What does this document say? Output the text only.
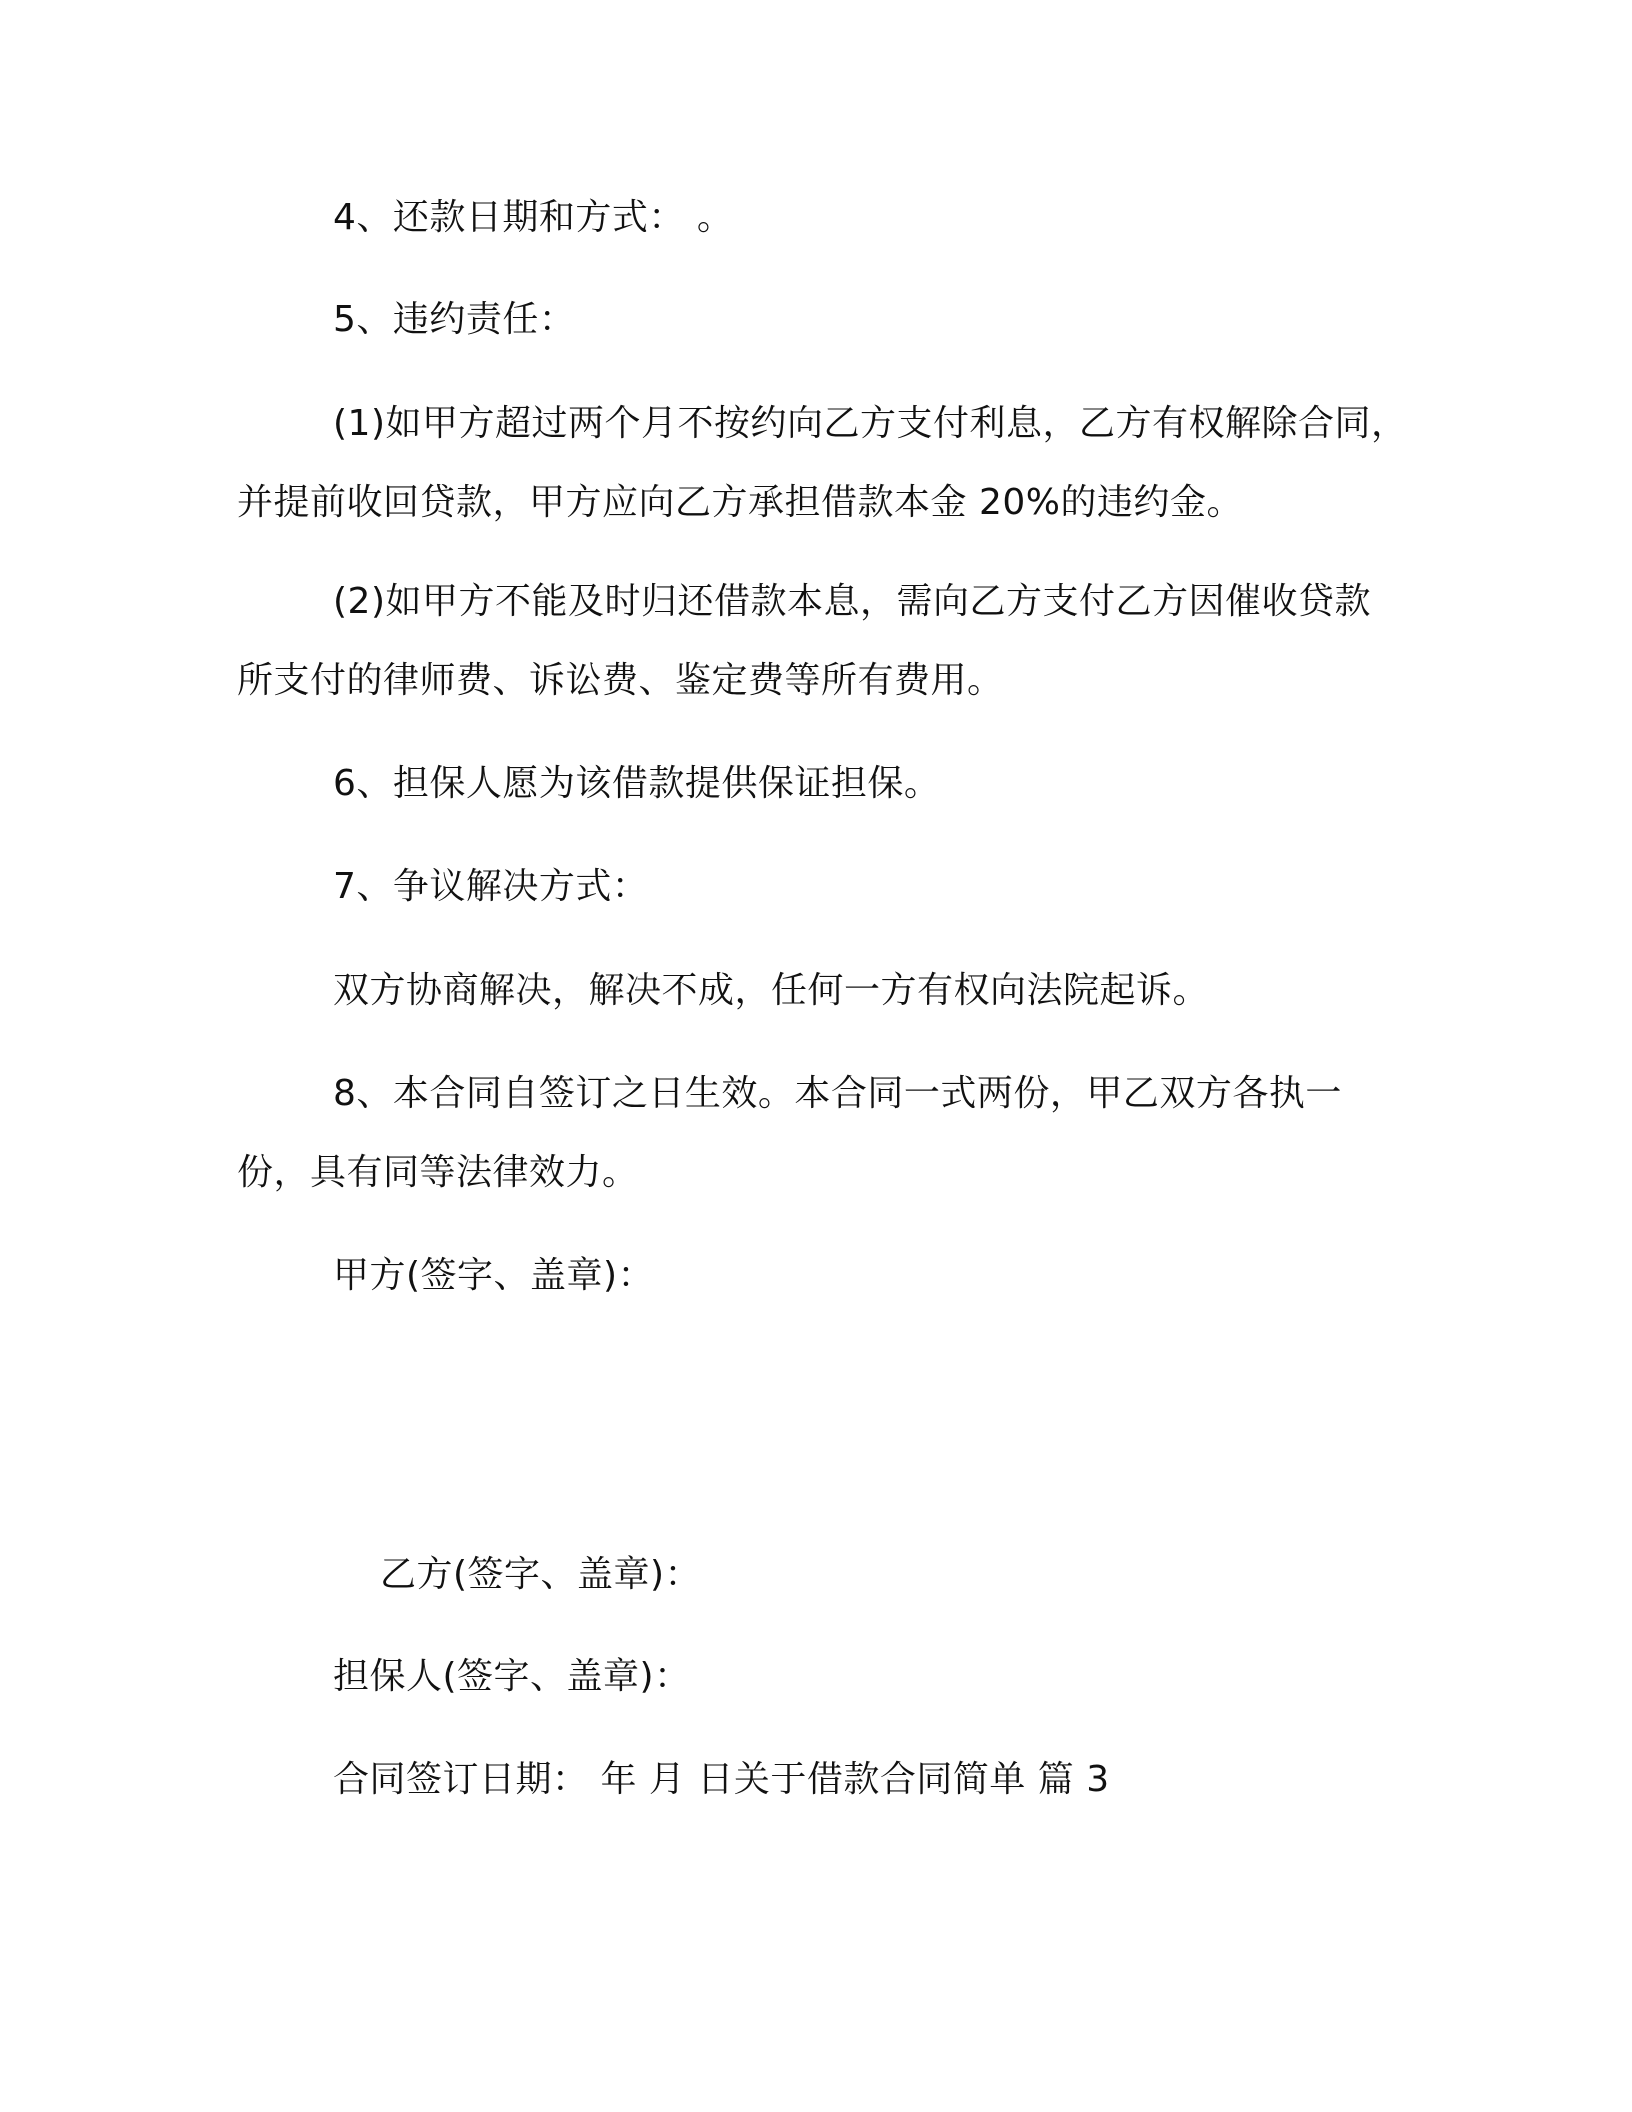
4、还款日期和方式： 。
5、违约责任：
(1)如甲方超过两个月不按约向乙方支付利息，乙方有权解除合同，
并提前收回贷款，甲方应向乙方承担借款本金 20%的违约金。
(2)如甲方不能及时归还借款本息，需向乙方支付乙方因催收贷款
所支付的律师费、诉讼费、鉴定费等所有费用。
6、担保人愿为该借款提供保证担保。
7、争议解决方式：
双方协商解决，解决不成，任何一方有权向法院起诉。
8、本合同自签订之日生效。本合同一式两份，甲乙双方各执一
份，具有同等法律效力。
甲方(签字、盖章)：
乙方(签字、盖章)：
担保人(签字、盖章)：
合同签订日期： 年 月 日关于借款合同简单 篇 3
